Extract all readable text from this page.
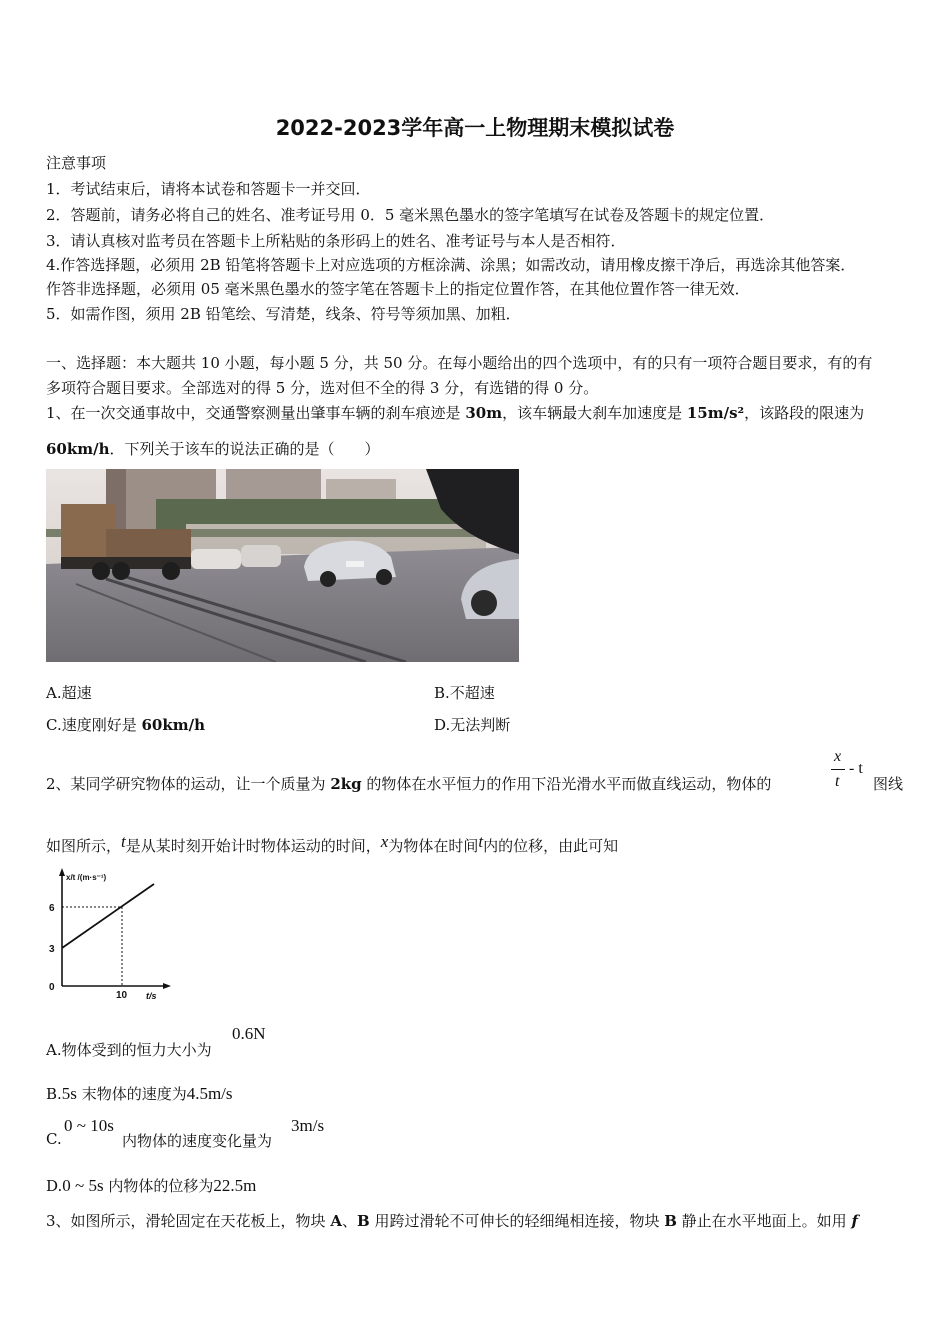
2022-2023学年高一上物理期末模拟试卷
注意事项
1．考试结束后，请将本试卷和答题卡一并交回．
2．答题前，请务必将自己的姓名、准考证号用 0．5 毫米黑色墨水的签字笔填写在试卷及答题卡的规定位置．
3．请认真核对监考员在答题卡上所粘贴的条形码上的姓名、准考证号与本人是否相符．
4.作答选择题，必须用 2B 铅笔将答题卡上对应选项的方框涂满、涂黑；如需改动，请用橡皮擦干净后，再选涂其他答案．
作答非选择题，必须用 05 毫米黑色墨水的签字笔在答题卡上的指定位置作答，在其他位置作答一律无效．
5．如需作图，须用 2B 铅笔绘、写清楚，线条、符号等须加黑、加粗．
一、选择题：本大题共 10 小题，每小题 5 分，共 50 分。在每小题给出的四个选项中，有的只有一项符合题目要求，有的有
多项符合题目要求。全部选对的得 5 分，选对但不全的得 3 分，有选错的得 0 分。
1、在一次交通事故中，交通警察测量出肇事车辆的刹车痕迹是 30m，该车辆最大刹车加速度是 15m/s²，该路段的限速为
60km/h．下列关于该车的说法正确的是（　　）
A.超速	B.不超速
C.速度刚好是 60km/h	D.无法判断
2、某同学研究物体的运动，让一个质量为 2kg 的物体在水平恒力的作用下沿光滑水平而做直线运动，物体的
x
t
- t
图线
如图所示，t是从某时刻开始计时物体运动的时间，x为物体在时间t内的位移，由此可知
x/t /(m·s⁻¹)
6
3
0
10 t/s
A.物体受到的恒力大小为
0.6N
B.5s 末物体的速度为4.5m/s
C.
0 ~ 10s
内物体的速度变化量为
3m/s
D.0 ~ 5s 内物体的位移为22.5m
3、如图所示，滑轮固定在天花板上，物块 A、B 用跨过滑轮不可伸长的轻细绳相连接，物块 B 静止在水平地面上。如用 f
